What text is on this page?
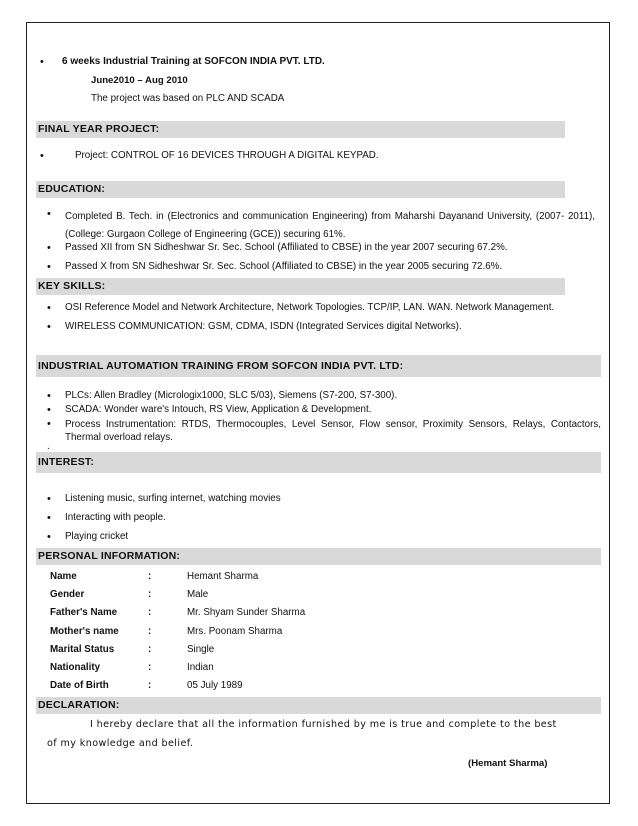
• 6 weeks Industrial Training at SOFCON INDIA PVT. LTD.
June2010 – Aug 2010
The project was based on PLC AND SCADA
FINAL YEAR PROJECT:
•	Project: CONTROL OF 16 DEVICES THROUGH A DIGITAL KEYPAD.
EDUCATION:
• Completed B. Tech. in (Electronics and communication Engineering) from Maharshi Dayanand University, (2007- 2011), (College: Gurgaon College of Engineering (GCE)) securing 61%.
• Passed XII from SN Sidheshwar Sr. Sec. School (Affiliated to CBSE) in the year 2007 securing 67.2%.
• Passed X from SN Sidheshwar Sr. Sec. School (Affiliated to CBSE) in the year 2005 securing 72.6%.
KEY SKILLS:
• OSI Reference Model and Network Architecture, Network Topologies. TCP/IP, LAN. WAN. Network Management.
• WIRELESS COMMUNICATION: GSM, CDMA, ISDN (Integrated Services digital Networks).
INDUSTRIAL AUTOMATION TRAINING FROM SOFCON INDIA PVT. LTD:
• PLCs: Allen Bradley (Micrologix1000, SLC 5/03), Siemens (S7-200, S7-300).
• SCADA: Wonder ware's Intouch, RS View, Application & Development.
• Process Instrumentation: RTDS, Thermocouples, Level Sensor, Flow sensor, Proximity Sensors, Relays, Contactors, Thermal overload relays.
.
INTEREST:
• Listening music, surfing internet, watching movies
• Interacting with people.
• Playing cricket
PERSONAL INFORMATION:
Name	:	Hemant Sharma
Gender	:	Male
Father's Name	:	Mr. Shyam Sunder Sharma
Mother's name	:	Mrs. Poonam Sharma
Marital Status	:	Single
Nationality	:	Indian
Date of Birth	:	05 July 1989
DECLARATION:
I hereby declare that all the information furnished by me is true and complete to the best
of my knowledge and belief.
(Hemant Sharma)
